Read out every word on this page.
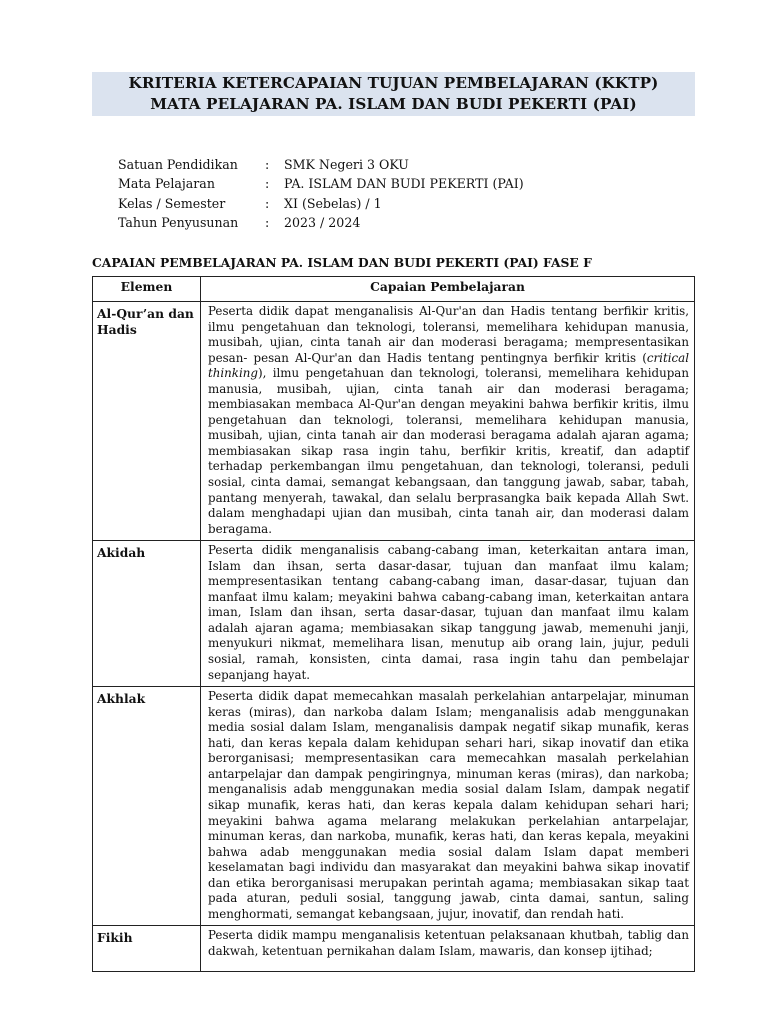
KRITERIA KETERCAPAIAN TUJUAN PEMBELAJARAN (KKTP)
MATA PELAJARAN PA. ISLAM DAN BUDI PEKERTI (PAI)
Satuan Pendidikan : SMK Negeri 3 OKU
Mata Pelajaran	: PA. ISLAM DAN BUDI PEKERTI (PAI)
Kelas / Semester	: XI (Sebelas) / 1
Tahun Penyusunan : 2023 / 2024
CAPAIAN PEMBELAJARAN PA. ISLAM DAN BUDI PEKERTI (PAI) FASE F
Elemen	Capaian Pembelajaran
Al-Qur’an dan Hadis	Peserta didik dapat menganalisis Al-Qur'an dan Hadis tentang berfikir kritis, ilmu pengetahuan dan teknologi, toleransi, memelihara kehidupan manusia, musibah, ujian, cinta tanah air dan moderasi beragama; mempresentasikan pesan- pesan Al-Qur'an dan Hadis tentang pentingnya berfikir kritis (critical thinking), ilmu pengetahuan dan teknologi, toleransi, memelihara kehidupan manusia, musibah, ujian, cinta tanah air dan moderasi beragama; membiasakan membaca Al-Qur'an dengan meyakini bahwa berfikir kritis, ilmu pengetahuan dan teknologi, toleransi, memelihara kehidupan manusia, musibah, ujian, cinta tanah air dan moderasi beragama adalah ajaran agama; membiasakan sikap rasa ingin tahu, berfikir kritis, kreatif, dan adaptif terhadap perkembangan ilmu pengetahuan, dan teknologi, toleransi, peduli sosial, cinta damai, semangat kebangsaan, dan tanggung jawab, sabar, tabah, pantang menyerah, tawakal, dan selalu berprasangka baik kepada Allah Swt. dalam menghadapi ujian dan musibah, cinta tanah air, dan moderasi dalam beragama.
Akidah	Peserta didik menganalisis cabang-cabang iman, keterkaitan antara iman, Islam dan ihsan, serta dasar-dasar, tujuan dan manfaat ilmu kalam; mempresentasikan tentang cabang-cabang iman, dasar-dasar, tujuan dan manfaat ilmu kalam; meyakini bahwa cabang-cabang iman, keterkaitan antara iman, Islam dan ihsan, serta dasar-dasar, tujuan dan manfaat ilmu kalam adalah ajaran agama; membiasakan sikap tanggung jawab, memenuhi janji, menyukuri nikmat, memelihara lisan, menutup aib orang lain, jujur, peduli sosial, ramah, konsisten, cinta damai, rasa ingin tahu dan pembelajar sepanjang hayat.
Akhlak	Peserta didik dapat memecahkan masalah perkelahian antarpelajar, minuman keras (miras), dan narkoba dalam Islam; menganalisis adab menggunakan media sosial dalam Islam, menganalisis dampak negatif sikap munafik, keras hati, dan keras kepala dalam kehidupan sehari hari, sikap inovatif dan etika berorganisasi; mempresentasikan cara memecahkan masalah perkelahian antarpelajar dan dampak pengiringnya, minuman keras (miras), dan narkoba; menganalisis adab menggunakan media sosial dalam Islam, dampak negatif sikap munafik, keras hati, dan keras kepala dalam kehidupan sehari hari; meyakini bahwa agama melarang melakukan perkelahian antarpelajar, minuman keras, dan narkoba, munafik, keras hati, dan keras kepala, meyakini bahwa adab menggunakan media sosial dalam Islam dapat memberi keselamatan bagi individu dan masyarakat dan meyakini bahwa sikap inovatif dan etika berorganisasi merupakan perintah agama; membiasakan sikap taat pada aturan, peduli sosial, tanggung jawab, cinta damai, santun, saling menghormati, semangat kebangsaan, jujur, inovatif, dan rendah hati.
Fikih	Peserta didik mampu menganalisis ketentuan pelaksanaan khutbah, tablig dan dakwah, ketentuan pernikahan dalam Islam, mawaris, dan konsep ijtihad;
